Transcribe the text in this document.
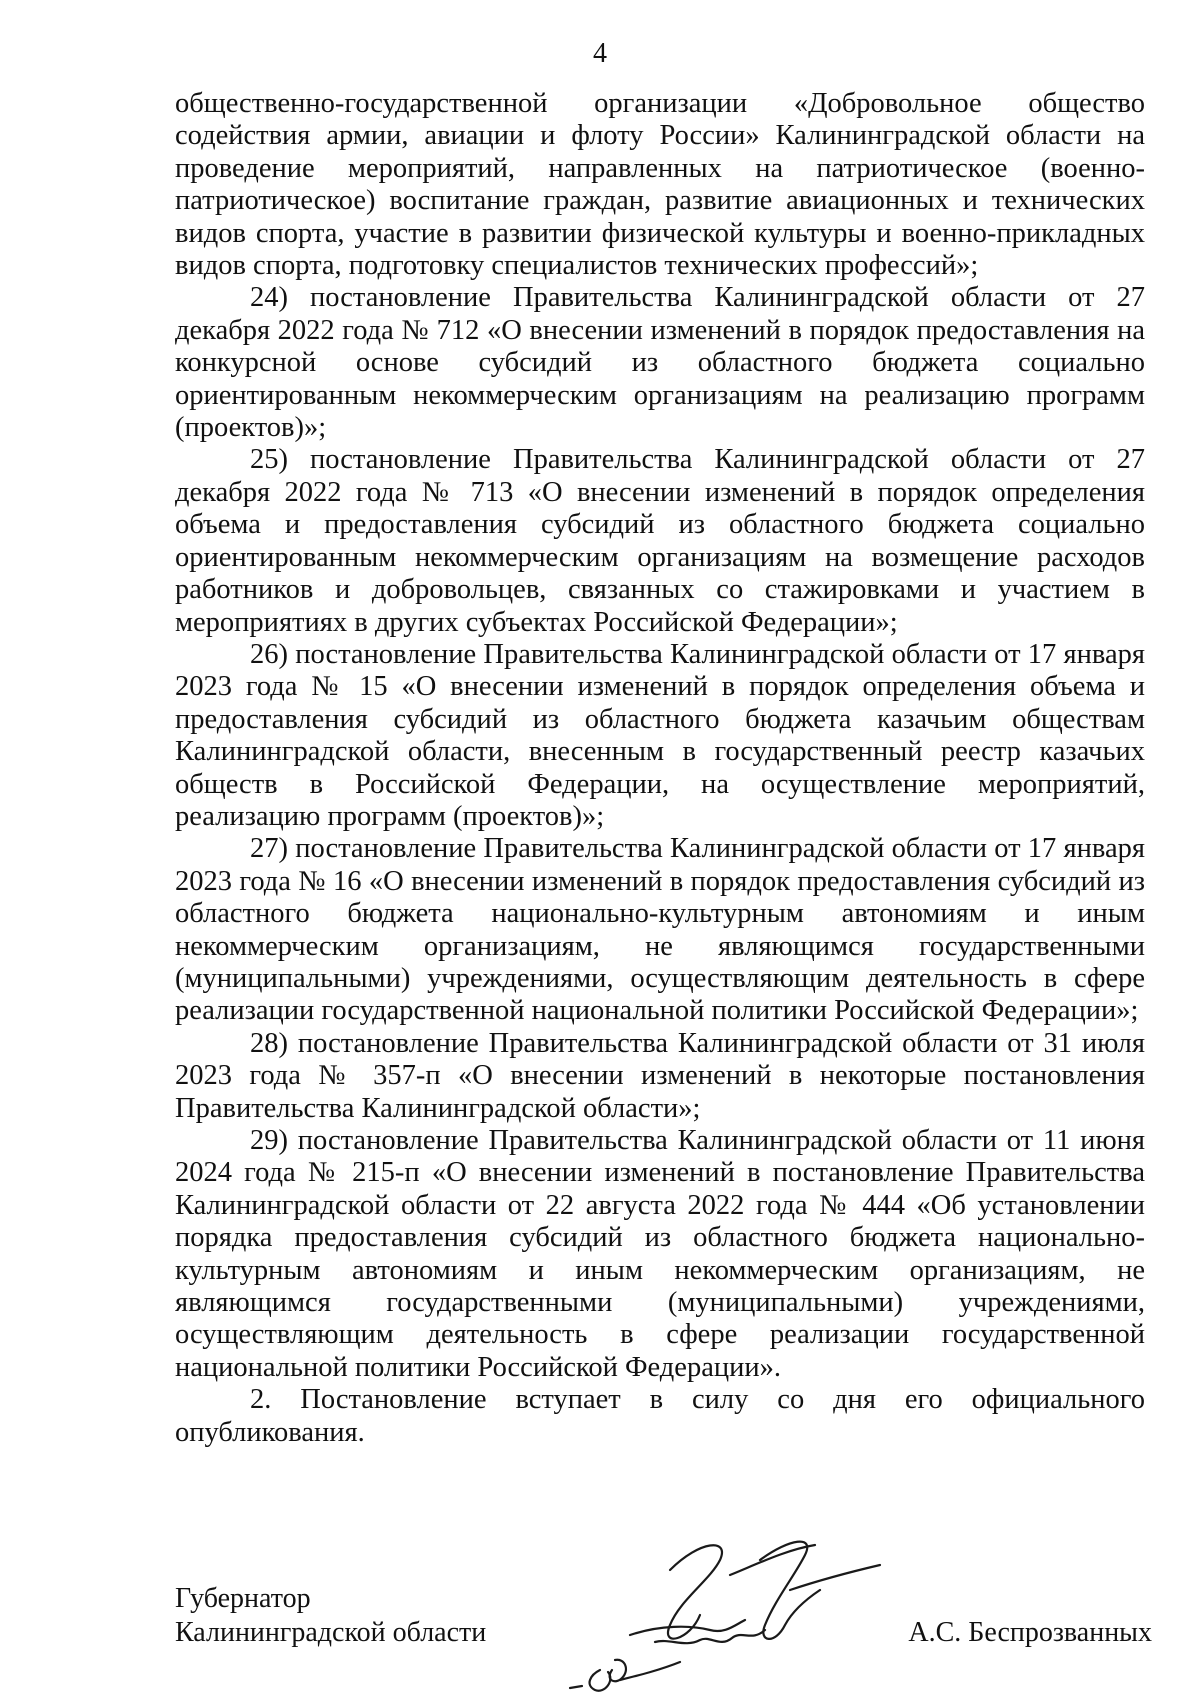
4

общественно-государственной организации «Добровольное общество содействия армии, авиации и флоту России» Калининградской области на проведение мероприятий, направленных на патриотическое (военно-патриотическое) воспитание граждан, развитие авиационных и технических видов спорта, участие в развитии физической культуры и военно-прикладных видов спорта, подготовку специалистов технических профессий»;

24) постановление Правительства Калининградской области от 27 декабря 2022 года № 712 «О внесении изменений в порядок предоставления на конкурсной основе субсидий из областного бюджета социально ориентированным некоммерческим организациям на реализацию программ (проектов)»;

25) постановление Правительства Калининградской области от 27 декабря 2022 года № 713 «О внесении изменений в порядок определения объема и предоставления субсидий из областного бюджета социально ориентированным некоммерческим организациям на возмещение расходов работников и добровольцев, связанных со стажировками и участием в мероприятиях в других субъектах Российской Федерации»;

26) постановление Правительства Калининградской области от 17 января 2023 года № 15 «О внесении изменений в порядок определения объема и предоставления субсидий из областного бюджета казачьим обществам Калининградской области, внесенным в государственный реестр казачьих обществ в Российской Федерации, на осуществление мероприятий, реализацию программ (проектов)»;

27) постановление Правительства Калининградской области от 17 января 2023 года № 16 «О внесении изменений в порядок предоставления субсидий из областного бюджета национально-культурным автономиям и иным некоммерческим организациям, не являющимся государственными (муниципальными) учреждениями, осуществляющим деятельность в сфере реализации государственной национальной политики Российской Федерации»;

28) постановление Правительства Калининградской области от 31 июля 2023 года № 357-п «О внесении изменений в некоторые постановления Правительства Калининградской области»;

29) постановление Правительства Калининградской области от 11 июня 2024 года № 215-п «О внесении изменений в постановление Правительства Калининградской области от 22 августа 2022 года № 444 «Об установлении порядка предоставления субсидий из областного бюджета национально-культурным автономиям и иным некоммерческим организациям, не являющимся государственными (муниципальными) учреждениями, осуществляющим деятельность в сфере реализации государственной национальной политики Российской Федерации».

2. Постановление вступает в силу со дня его официального опубликования.

Губернатор
Калининградской области	А.С. Беспрозванных
